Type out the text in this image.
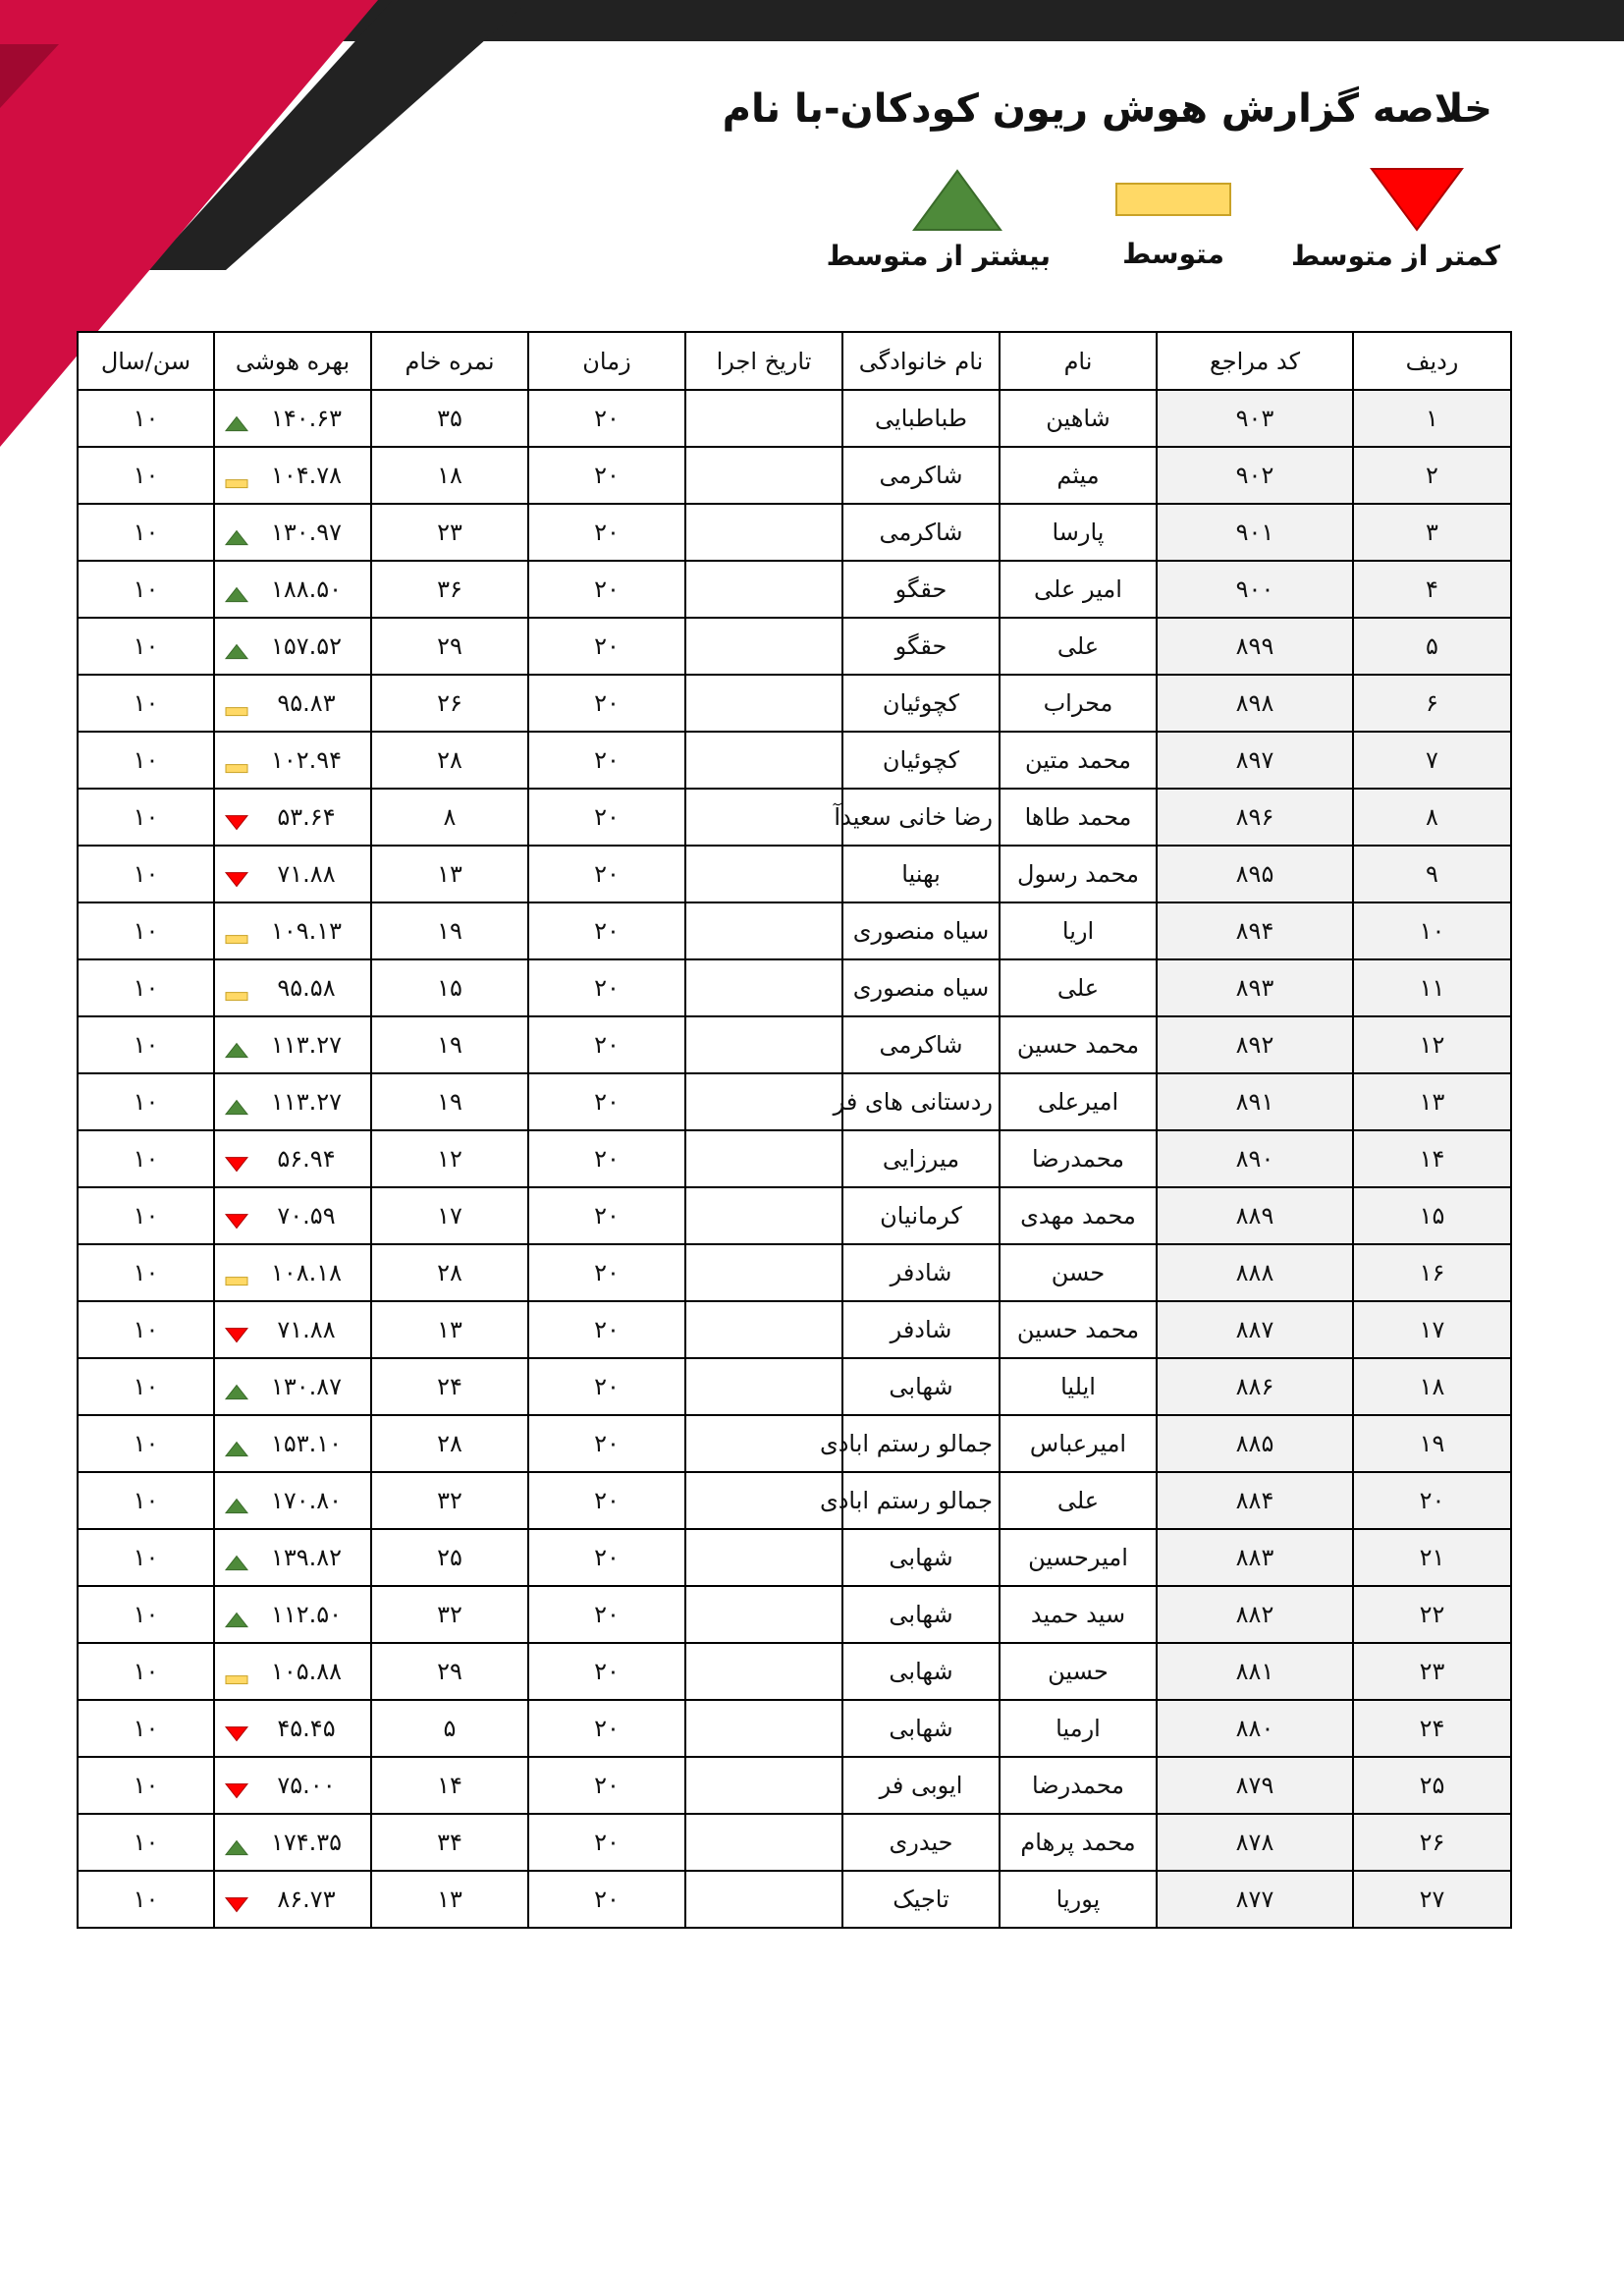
خلاصه گزارش هوش ریون کودکان-با نام
کمتر از متوسط
متوسط
بیشتر از متوسط
ردیف	کد مراجع	نام	نام خانوادگی	تاریخ اجرا	زمان	نمره خام	بهره هوشی	سن/سال
۱	۹۰۳	شاهین	طباطبایی		۲۰	۳۵	۱۴۰.۶۳	۱۰
۲	۹۰۲	میثم	شاکرمی		۲۰	۱۸	۱۰۴.۷۸	۱۰
۳	۹۰۱	پارسا	شاکرمی		۲۰	۲۳	۱۳۰.۹۷	۱۰
۴	۹۰۰	امیر علی	حقگو		۲۰	۳۶	۱۸۸.۵۰	۱۰
۵	۸۹۹	علی	حقگو		۲۰	۲۹	۱۵۷.۵۲	۱۰
۶	۸۹۸	محراب	کچوئیان		۲۰	۲۶	۹۵.۸۳	۱۰
۷	۸۹۷	محمد متین	کچوئیان		۲۰	۲۸	۱۰۲.۹۴	۱۰
۸	۸۹۶	محمد طاها	رضا خانی سعیدآ		۲۰	۸	۵۳.۶۴	۱۰
۹	۸۹۵	محمد رسول	بهنیا		۲۰	۱۳	۷۱.۸۸	۱۰
۱۰	۸۹۴	اریا	سیاه منصوری		۲۰	۱۹	۱۰۹.۱۳	۱۰
۱۱	۸۹۳	علی	سیاه منصوری		۲۰	۱۵	۹۵.۵۸	۱۰
۱۲	۸۹۲	محمد حسین	شاکرمی		۲۰	۱۹	۱۱۳.۲۷	۱۰
۱۳	۸۹۱	امیرعلی	ردستانی های فر		۲۰	۱۹	۱۱۳.۲۷	۱۰
۱۴	۸۹۰	محمدرضا	میرزایی		۲۰	۱۲	۵۶.۹۴	۱۰
۱۵	۸۸۹	محمد مهدی	کرمانیان		۲۰	۱۷	۷۰.۵۹	۱۰
۱۶	۸۸۸	حسن	شادفر		۲۰	۲۸	۱۰۸.۱۸	۱۰
۱۷	۸۸۷	محمد حسین	شادفر		۲۰	۱۳	۷۱.۸۸	۱۰
۱۸	۸۸۶	ایلیا	شهابی		۲۰	۲۴	۱۳۰.۸۷	۱۰
۱۹	۸۸۵	امیرعباس	جمالو رستم ابادی		۲۰	۲۸	۱۵۳.۱۰	۱۰
۲۰	۸۸۴	علی	جمالو رستم ابادی		۲۰	۳۲	۱۷۰.۸۰	۱۰
۲۱	۸۸۳	امیرحسین	شهابی		۲۰	۲۵	۱۳۹.۸۲	۱۰
۲۲	۸۸۲	سید حمید	شهابی		۲۰	۳۲	۱۱۲.۵۰	۱۰
۲۳	۸۸۱	حسین	شهابی		۲۰	۲۹	۱۰۵.۸۸	۱۰
۲۴	۸۸۰	ارمیا	شهابی		۲۰	۵	۴۵.۴۵	۱۰
۲۵	۸۷۹	محمدرضا	ایوبی فر		۲۰	۱۴	۷۵.۰۰	۱۰
۲۶	۸۷۸	محمد پرهام	حیدری		۲۰	۳۴	۱۷۴.۳۵	۱۰
۲۷	۸۷۷	پوریا	تاجیک		۲۰	۱۳	۸۶.۷۳	۱۰
